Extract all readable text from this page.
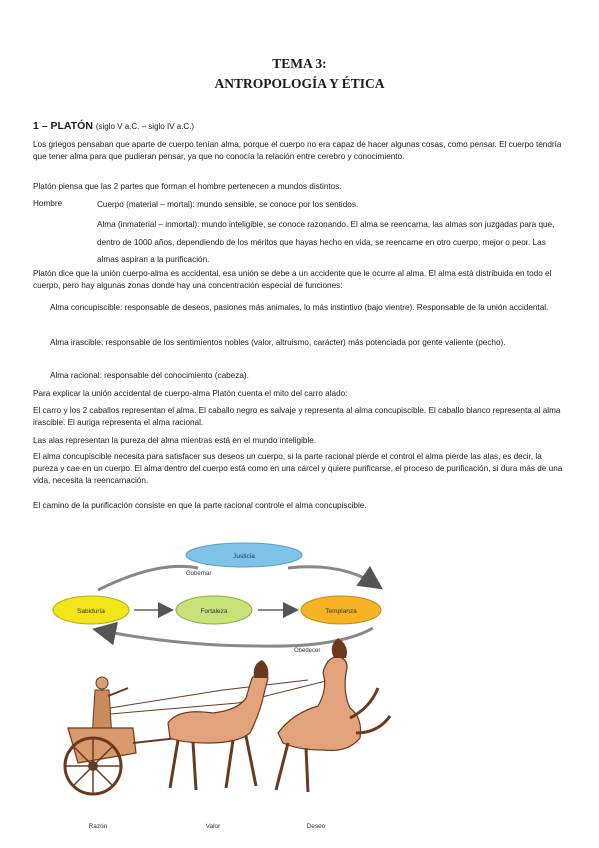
TEMA 3:
ANTROPOLOGÍA Y ÉTICA
1 – PLATÓN (siglo V a.C. – siglo IV a.C.)
Los griegos pensaban que aparte de cuerpo tenían alma, porque el cuerpo no era capaz de hacer algunas cosas, como pensar. El cuerpo tendría que tener alma para que pudieran pensar, ya que no conocía la relación entre cerebro y conocimiento.
Platón piensa que las 2 partes que forman el hombre pertenecen a mundos distintos.
Hombre	Cuerpo (material – mortal): mundo sensible, se conoce por los sentidos.
Alma (inmaterial – inmortal): mundo inteligible, se conoce razonando. El alma se reencarna, las almas son juzgadas para que, dentro de 1000 años, dependiendo de los méritos que hayas hecho en vida, se reencarne en otro cuerpo, mejor o peor. Las almas aspiran a la purificación.
Platón dice que la unión cuerpo-alma es accidental, esa unión se debe a un accidente que le ocurre al alma. El alma está distribuida en todo el cuerpo, pero hay algunas zonas donde hay una concentración especial de funciones:
Alma concupiscible: responsable de deseos, pasiones más animales, lo más instintivo (bajo vientre). Responsable de la unión accidental.
Alma irascible: responsable de los sentimientos nobles (valor, altruismo, carácter) más potenciada por gente valiente (pecho).
Alma racional: responsable del conocimiento (cabeza).
Para explicar la unión accidental de cuerpo-alma Platón cuenta el mito del carro alado:
El carro y los 2 caballos representan el alma. El caballo negro es salvaje y representa al alma concupiscible. El caballo blanco representa al alma irascible. El auriga representa el alma racional.
Las alas representan la pureza del alma mientras está en el mundo inteligible.
El alma concupiscible necesita para satisfacer sus deseos un cuerpo, si la parte racional pierde el control el alma pierde las alas, es decir, la pureza y cae en un cuerpo. El alma dentro del cuerpo está como en una cárcel y quiere purificarse, el proceso de purificación, si dura más de una vida, necesita la reencarnación.
El camino de la purificación consiste en que la parte racional controle el alma concupiscible.
Justicia
Gobernar
Sabiduría	Fortaleza	Templanza
Obedecer
Razón	Valor	Deseo
